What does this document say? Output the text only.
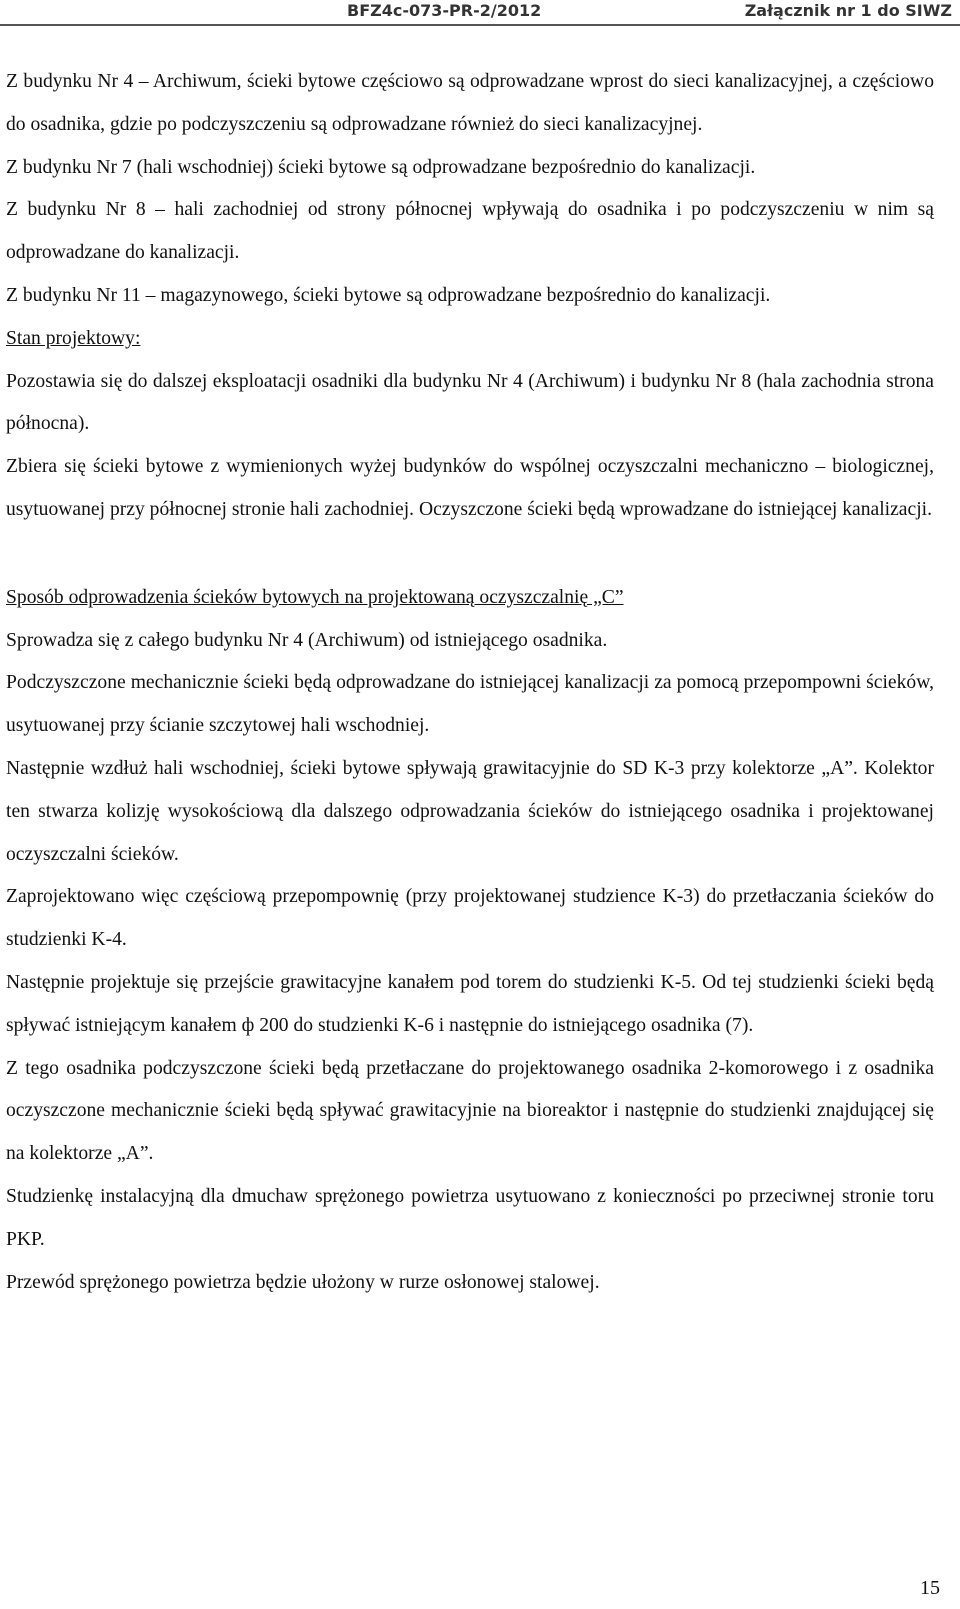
BFZ4c-073-PR-2/2012	Załącznik nr 1 do SIWZ

Z budynku Nr 4 – Archiwum, ścieki bytowe częściowo są odprowadzane wprost do sieci kanalizacyjnej, a częściowo do osadnika, gdzie po podczyszczeniu są odprowadzane również do sieci kanalizacyjnej.

Z budynku Nr 7 (hali wschodniej) ścieki bytowe są odprowadzane bezpośrednio do kanalizacji.

Z budynku Nr 8 – hali zachodniej od strony północnej wpływają do osadnika i po podczyszczeniu w nim są odprowadzane do kanalizacji.

Z budynku Nr 11 – magazynowego, ścieki bytowe są odprowadzane bezpośrednio do kanalizacji.

Stan projektowy:

Pozostawia się do dalszej eksploatacji osadniki dla budynku Nr 4 (Archiwum) i budynku Nr 8 (hala zachodnia strona północna).

Zbiera się ścieki bytowe z wymienionych wyżej budynków do wspólnej oczyszczalni mechaniczno – biologicznej, usytuowanej przy północnej stronie hali zachodniej. Oczyszczone ścieki będą wprowadzane do istniejącej kanalizacji.

Sposób odprowadzenia ścieków bytowych na projektowaną oczyszczalnię „C”

Sprowadza się z całego budynku Nr 4 (Archiwum) od istniejącego osadnika.

Podczyszczone mechanicznie ścieki będą odprowadzane do istniejącej kanalizacji za pomocą przepompowni ścieków, usytuowanej przy ścianie szczytowej hali wschodniej.

Następnie wzdłuż hali wschodniej, ścieki bytowe spływają grawitacyjnie do SD K-3 przy kolektorze „A”. Kolektor ten stwarza kolizję wysokościową dla dalszego odprowadzania ścieków do istniejącego osadnika i projektowanej oczyszczalni ścieków.

Zaprojektowano więc częściową przepompownię (przy projektowanej studzience K-3) do przetłaczania ścieków do studzienki K-4.

Następnie projektuje się przejście grawitacyjne kanałem pod torem do studzienki K-5. Od tej studzienki ścieki będą spływać istniejącym kanałem ф 200 do studzienki K-6 i następnie do istniejącego osadnika (7).

Z tego osadnika podczyszczone ścieki będą przetłaczane do projektowanego osadnika 2-komorowego i z osadnika oczyszczone mechanicznie ścieki będą spływać grawitacyjnie na bioreaktor i następnie do studzienki znajdującej się na kolektorze „A”.

Studzienkę instalacyjną dla dmuchaw sprężonego powietrza usytuowano z konieczności po przeciwnej stronie toru PKP.

Przewód sprężonego powietrza będzie ułożony w rurze osłonowej stalowej.

15
